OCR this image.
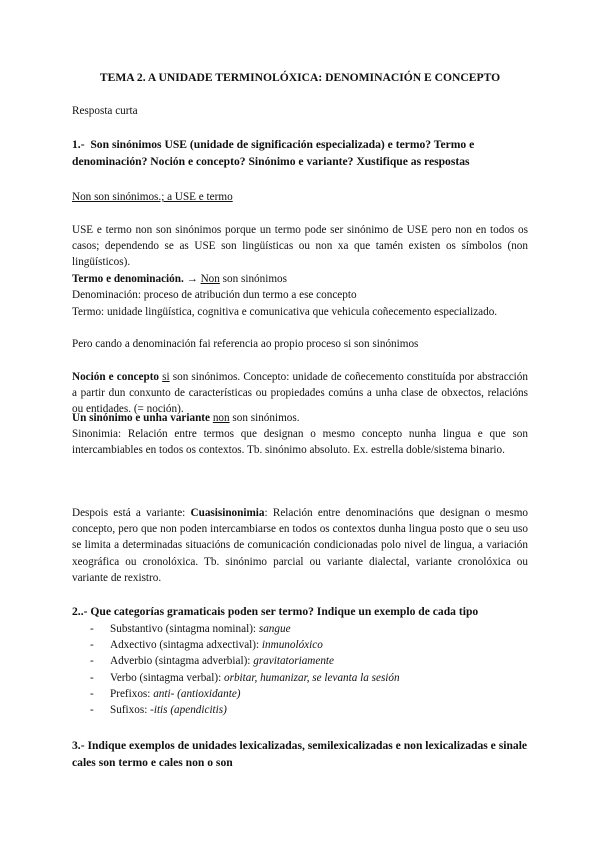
TEMA 2. A UNIDADE TERMINOLÓXICA: DENOMINACIÓN E CONCEPTO
Resposta curta
1.- Son sinónimos USE (unidade de significación especializada) e termo? Termo e denominación? Noción e concepto? Sinónimo e variante? Xustifique as respostas
Non son sinónimos.; a USE e termo
USE e termo non son sinónimos porque un termo pode ser sinónimo de USE pero non en todos os casos; dependendo se as USE son lingüísticas ou non xa que tamén existen os símbolos (non lingüísticos).
Termo e denominación. → Non son sinónimos
Denominación: proceso de atribución dun termo a ese concepto
Termo: unidade lingüística, cognitiva e comunicativa que vehicula coñecemento especializado.
Pero cando a denominación fai referencia ao propio proceso si son sinónimos
Noción e concepto si son sinónimos. Concepto: unidade de coñecemento constituída por abstracción a partir dun conxunto de características ou propiedades comúns a unha clase de obxectos, relacións ou entidades. (= noción).
Un sinónimo e unha variante non son sinónimos.
Sinonimia: Relación entre termos que designan o mesmo concepto nunha lingua e que son intercambiables en todos os contextos. Tb. sinónimo absoluto. Ex. estrella doble/sistema binario.
Despois está a variante: Cuasisinonimia: Relación entre denominacións que designan o mesmo concepto, pero que non poden intercambiarse en todos os contextos dunha lingua posto que o seu uso se limita a determinadas situacións de comunicación condicionadas polo nivel de lingua, a variación xeográfica ou cronolóxica. Tb. sinónimo parcial ou variante dialectal, variante cronolóxica ou variante de rexistro.
2..- Que categorías gramaticais poden ser termo? Indique un exemplo de cada tipo
- Substantivo (sintagma nominal): sangue
- Adxectivo (sintagma adxectival): inmunolóxico
- Adverbio (sintagma adverbial): gravitatoriamente
- Verbo (sintagma verbal): orbitar, humanizar, se levanta la sesión
- Prefixos: anti- (antioxidante)
- Sufixos: -itis (apendicitis)
3.- Indique exemplos de unidades lexicalizadas, semilexicalizadas e non lexicalizadas e sinale cales son termo e cales non o son
